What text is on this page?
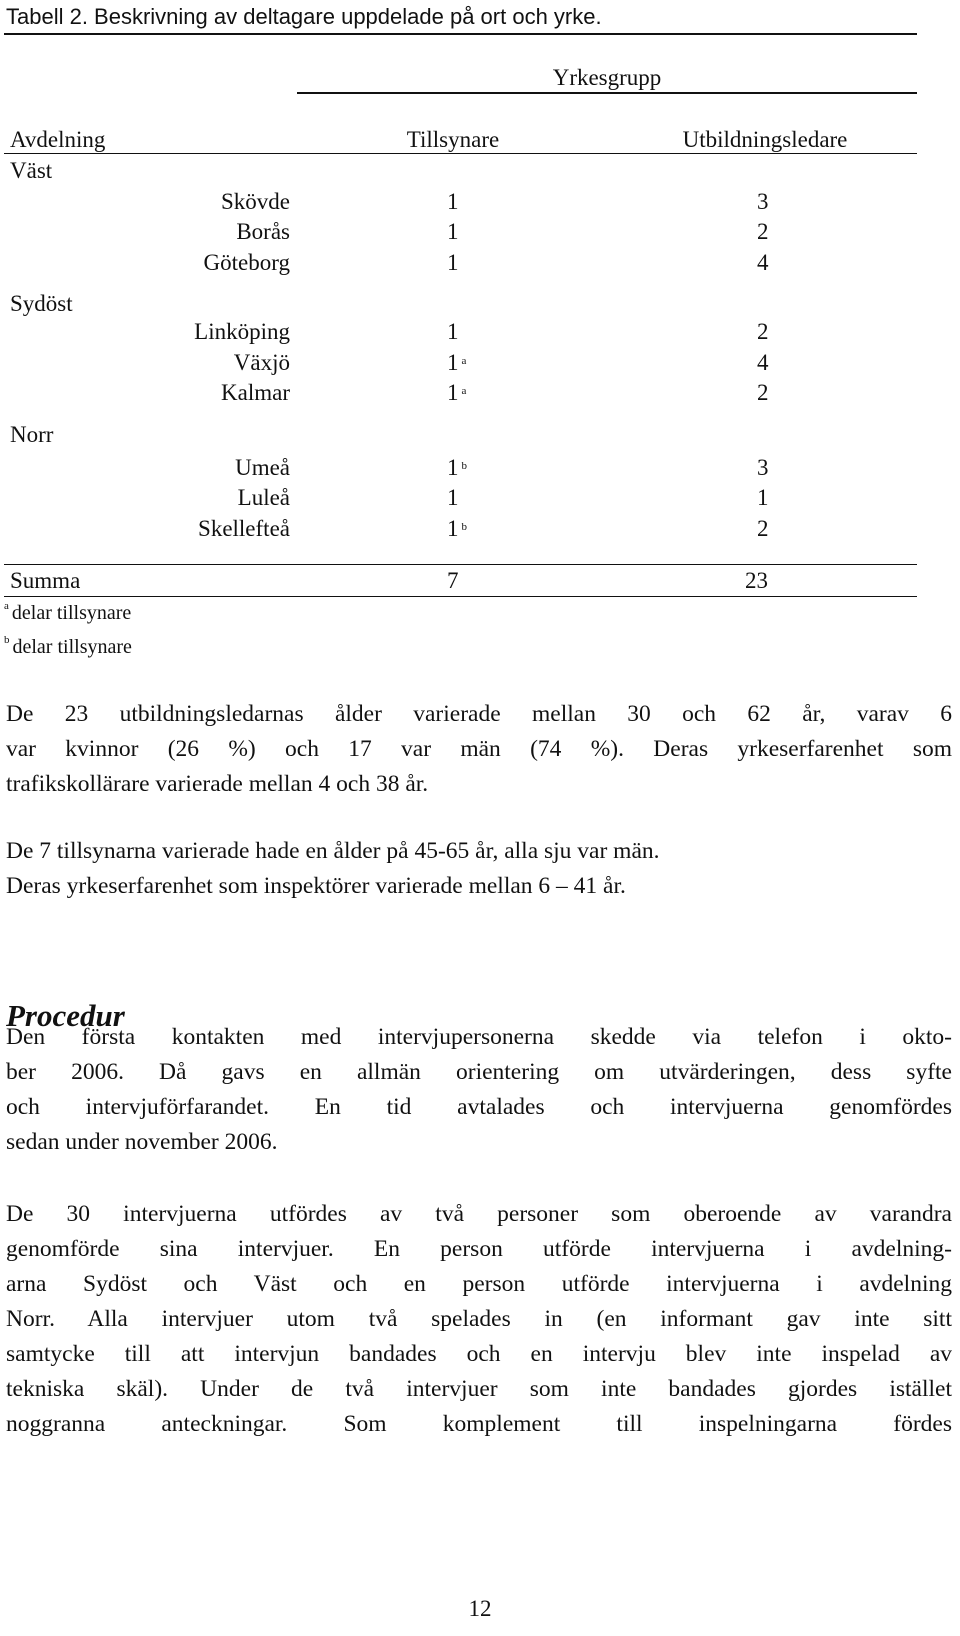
Tabell 2. Beskrivning av deltagare uppdelade på ort och yrke.
Yrkesgrupp
Avdelning	Tillsynare	Utbildningsledare
Väst
Skövde	1	3
Borås	1	2
Göteborg	1	4
Sydöst
Linköping	1	2
Växjö	1 $^a$	4
Kalmar	1 $^a$	2
Norr
Umeå	1 $^b$	3
Luleå	1	1
Skellefteå	1 $^b$	2
Summa	7	23
$^a$ delar tillsynare
$^b$ delar tillsynare
De 23 utbildningsledarnas ålder varierade mellan 30 och 62 år, varav 6
var kvinnor (26 %) och 17 var män (74 %). Deras yrkeserfarenhet som
trafikskollärare varierade mellan 4 och 38 år.
De 7 tillsynarna varierade hade en ålder på 45-65 år, alla sju var män.
Deras yrkeserfarenhet som inspektörer varierade mellan 6 – 41 år.
Procedur
Den första kontakten med intervjupersonerna skedde via telefon i okto-
ber 2006. Då gavs en allmän orientering om utvärderingen, dess syfte
och intervjuförfarandet. En tid avtalades och intervjuerna genomfördes
sedan under november 2006.
De 30 intervjuerna utfördes av två personer som oberoende av varandra
genomförde sina intervjuer. En person utförde intervjuerna i avdelning-
arna Sydöst och Väst och en person utförde intervjuerna i avdelning
Norr. Alla intervjuer utom två spelades in (en informant gav inte sitt
samtycke till att intervjun bandades och en intervju blev inte inspelad av
tekniska skäl). Under de två intervjuer som inte bandades gjordes istället
noggranna anteckningar. Som komplement till inspelningarna fördes
12
